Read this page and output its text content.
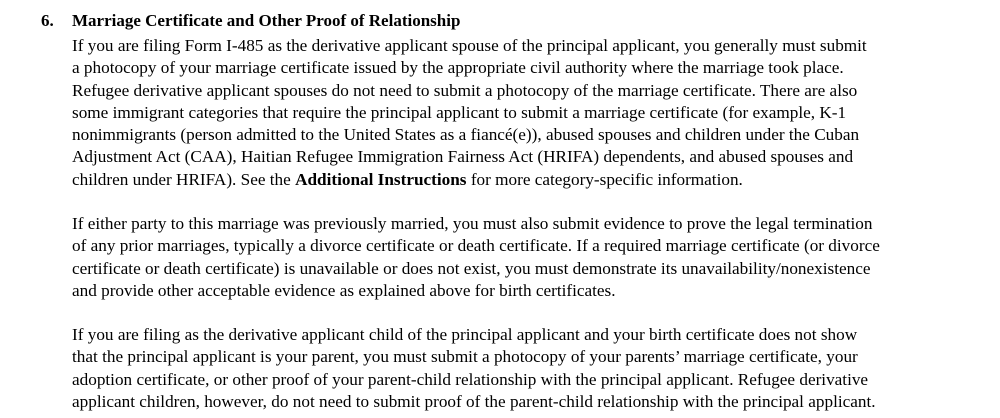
6. Marriage Certificate and Other Proof of Relationship
If you are filing Form I-485 as the derivative applicant spouse of the principal applicant, you generally must submit
a photocopy of your marriage certificate issued by the appropriate civil authority where the marriage took place.
Refugee derivative applicant spouses do not need to submit a photocopy of the marriage certificate. There are also
some immigrant categories that require the principal applicant to submit a marriage certificate (for example, K-1
nonimmigrants (person admitted to the United States as a fiancé(e)), abused spouses and children under the Cuban
Adjustment Act (CAA), Haitian Refugee Immigration Fairness Act (HRIFA) dependents, and abused spouses and
children under HRIFA). See the Additional Instructions for more category-specific information.
If either party to this marriage was previously married, you must also submit evidence to prove the legal termination
of any prior marriages, typically a divorce certificate or death certificate. If a required marriage certificate (or divorce
certificate or death certificate) is unavailable or does not exist, you must demonstrate its unavailability/nonexistence
and provide other acceptable evidence as explained above for birth certificates.
If you are filing as the derivative applicant child of the principal applicant and your birth certificate does not show
that the principal applicant is your parent, you must submit a photocopy of your parents’ marriage certificate, your
adoption certificate, or other proof of your parent-child relationship with the principal applicant. Refugee derivative
applicant children, however, do not need to submit proof of the parent-child relationship with the principal applicant.
